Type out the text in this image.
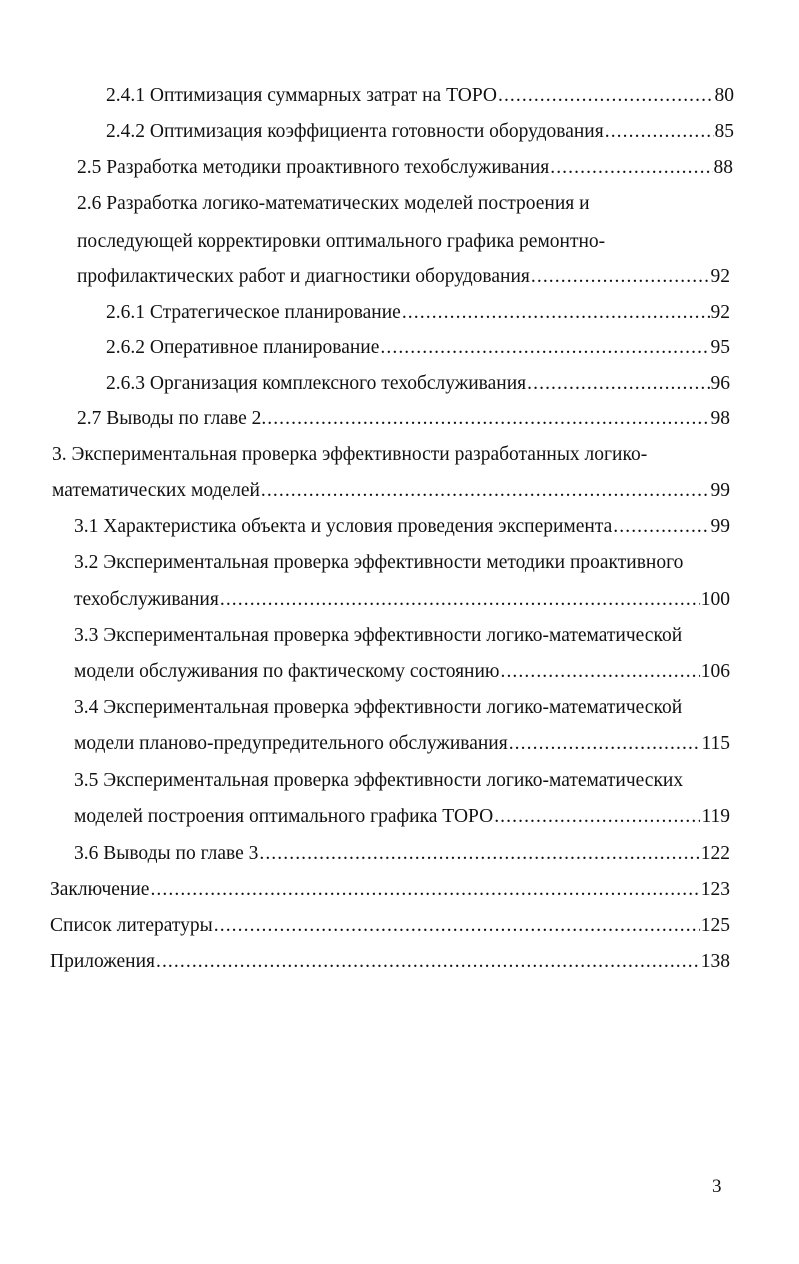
2.4.1 Оптимизация суммарных затрат на ТОРО .....	80
2.4.2 Оптимизация коэффициента готовности оборудования .....	85
2.5 Разработка методики проактивного техобслуживания .....	88
2.6 Разработка логико-математических моделей построения и
последующей корректировки оптимального графика ремонтно-
профилактических работ и диагностики оборудования .....	92
2.6.1 Стратегическое планирование .....	92
2.6.2 Оперативное планирование .....	95
2.6.3 Организация комплексного техобслуживания .....	96
2.7 Выводы по главе 2. .....	98
3. Экспериментальная проверка эффективности разработанных логико-
математических моделей .....	99
3.1 Характеристика объекта и условия проведения эксперимента .....	99
3.2 Экспериментальная проверка эффективности методики проактивного
техобслуживания .....	100
3.3 Экспериментальная проверка эффективности логико-математической
модели обслуживания по фактическому состоянию .....	106
3.4 Экспериментальная проверка эффективности логико-математической
модели планово-предупредительного обслуживания .....	115
3.5 Экспериментальная проверка эффективности логико-математических
моделей построения оптимального графика ТОРО .....	119
3.6 Выводы по главе 3 .....	122
Заключение .....	123
Список литературы .....	125
Приложения .....	138
3
